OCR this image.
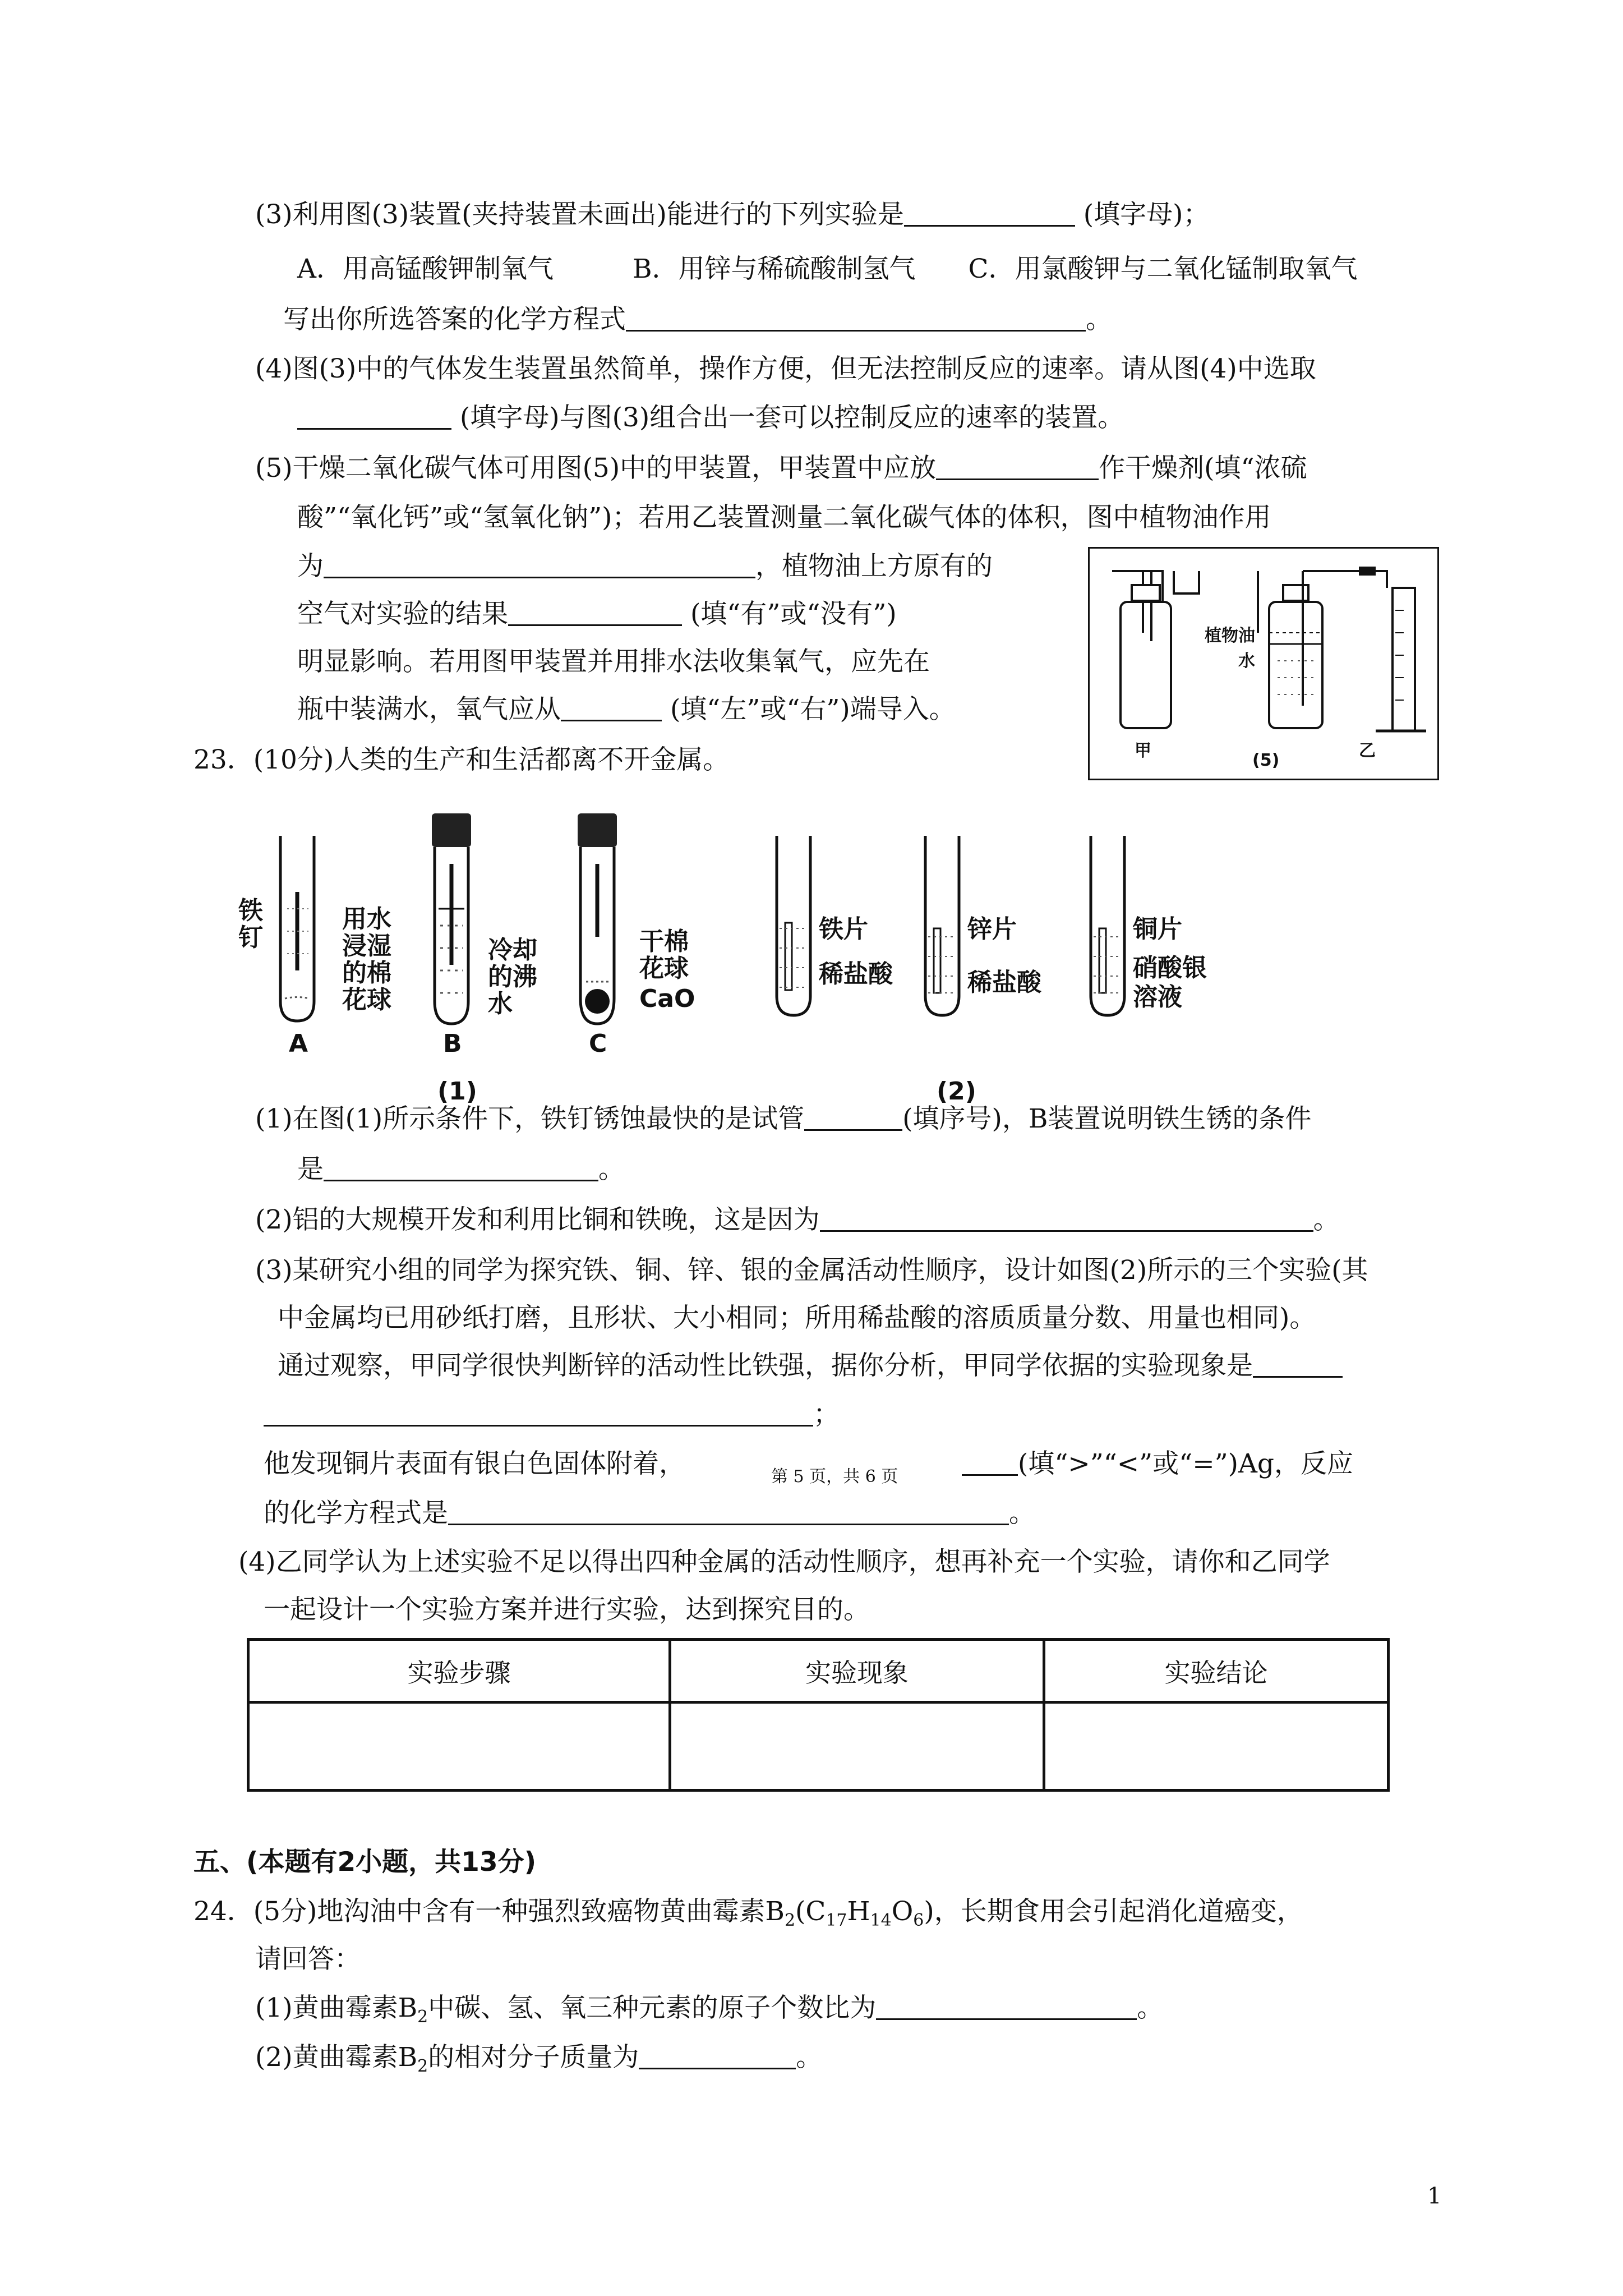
(3)利用图(3)装置(夹持装置未画出)能进行的下列实验是	(填字母)；
A．用高锰酸钾制氧气　　　B．用锌与稀硫酸制氢气　　C．用氯酸钾与二氧化锰制取氧气
写出你所选答案的化学方程式	。
(4)图(3)中的气体发生装置虽然简单，操作方便，但无法控制反应的速率。请从图(4)中选取
(填字母)与图(3)组合出一套可以控制反应的速率的装置。
(5)干燥二氧化碳气体可用图(5)中的甲装置，甲装置中应放	作干燥剂(填“浓硫
酸”“氧化钙”或“氢氧化钠”)；若用乙装置测量二氧化碳气体的体积，图中植物油作用
为	，植物油上方原有的
空气对实验的结果	(填“有”或“没有”)
明显影响。若用图甲装置并用排水法收集氧气，应先在
瓶中装满水，氧气应从	(填“左”或“右”)端导入。
植物油
水
甲	乙
(5)
23．(10分)人类的生产和生活都离不开金属。
铁钉
用水浸湿的棉花球
冷却的沸水
干棉花球
CaO
A	B	C
(1)
铁片
稀盐酸
锌片
稀盐酸
铜片
硝酸银溶液
(2)
(1)在图(1)所示条件下，铁钉锈蚀最快的是试管	(填序号)，B装置说明铁生锈的条件
是	。
(2)铝的大规模开发和利用比铜和铁晚，这是因为	。
(3)某研究小组的同学为探究铁、铜、锌、银的金属活动性顺序，设计如图(2)所示的三个实验(其
中金属均已用砂纸打磨，且形状、大小相同；所用稀盐酸的溶质质量分数、用量也相同)。
通过观察，甲同学很快判断锌的活动性比铁强，据你分析，甲同学依据的实验现象是
；
他发现铜片表面有银白色固体附着，	第 5 页，共 6 页	(填“>”“<”或“=”)Ag，反应
的化学方程式是	。
(4)乙同学认为上述实验不足以得出四种金属的活动性顺序，想再补充一个实验，请你和乙同学
一起设计一个实验方案并进行实验，达到探究目的。
实验步骤	实验现象	实验结论

五、(本题有2小题，共13分)
24．(5分)地沟油中含有一种强烈致癌物黄曲霉素$B_2(C_{17}H_{14}O_6)$，长期食用会引起消化道癌变，
请回答：
(1)黄曲霉素$B_2$中碳、氢、氧三种元素的原子个数比为	。
(2)黄曲霉素$B_2$的相对分子质量为	。
1
